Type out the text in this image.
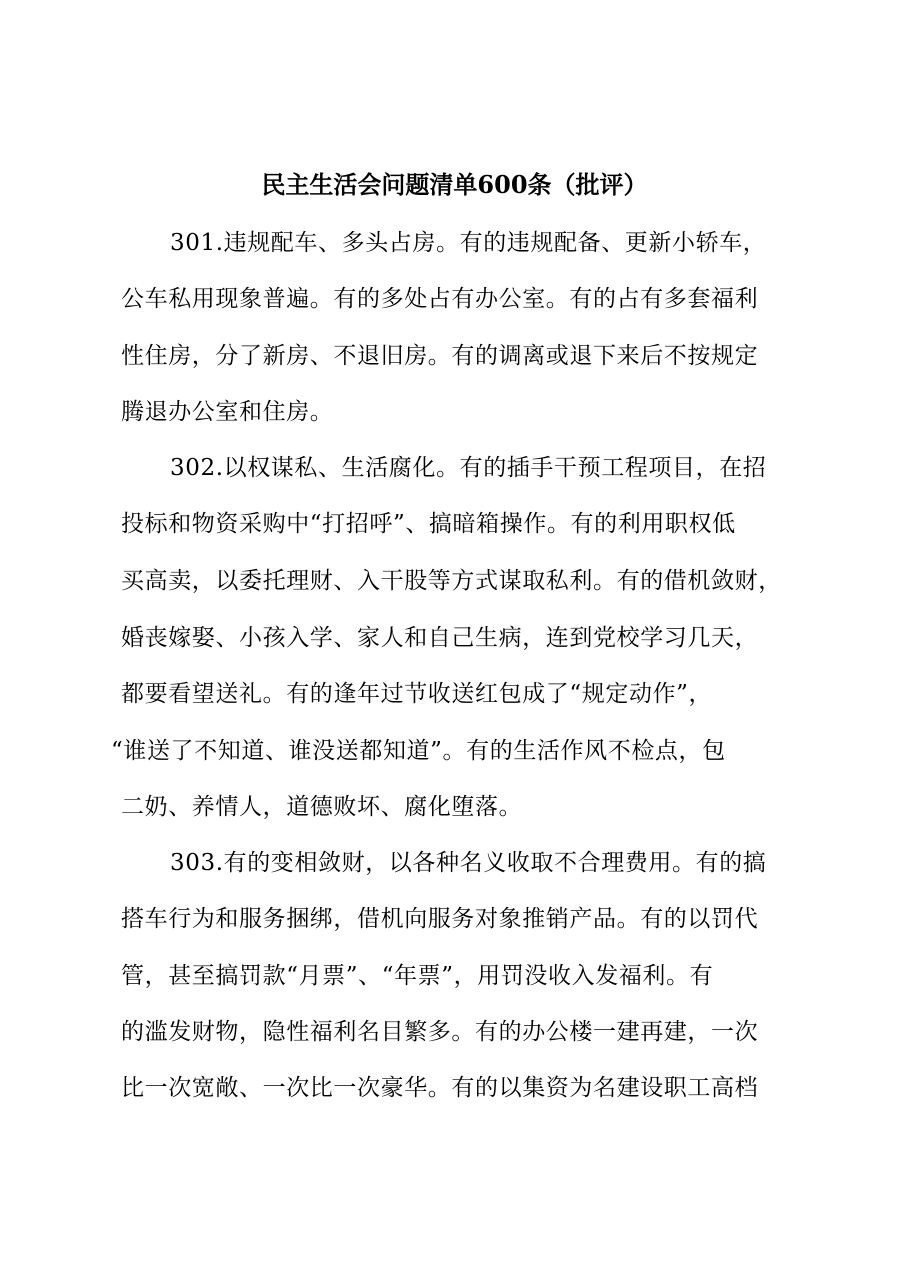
民主生活会问题清单600条（批评）
301.违规配车、多头占房。有的违规配备、更新小轿车，
公车私用现象普遍。有的多处占有办公室。有的占有多套福利
性住房，分了新房、不退旧房。有的调离或退下来后不按规定
腾退办公室和住房。
302.以权谋私、生活腐化。有的插手干预工程项目，在招
投标和物资采购中“打招呼”、搞暗箱操作。有的利用职权低
买高卖，以委托理财、入干股等方式谋取私利。有的借机敛财，
婚丧嫁娶、小孩入学、家人和自己生病，连到党校学习几天，
都要看望送礼。有的逢年过节收送红包成了“规定动作”，
“谁送了不知道、谁没送都知道”。有的生活作风不检点，包
二奶、养情人，道德败坏、腐化堕落。
303.有的变相敛财，以各种名义收取不合理费用。有的搞
搭车行为和服务捆绑，借机向服务对象推销产品。有的以罚代
管，甚至搞罚款“月票”、“年票”，用罚没收入发福利。有
的滥发财物，隐性福利名目繁多。有的办公楼一建再建，一次
比一次宽敞、一次比一次豪华。有的以集资为名建设职工高档
